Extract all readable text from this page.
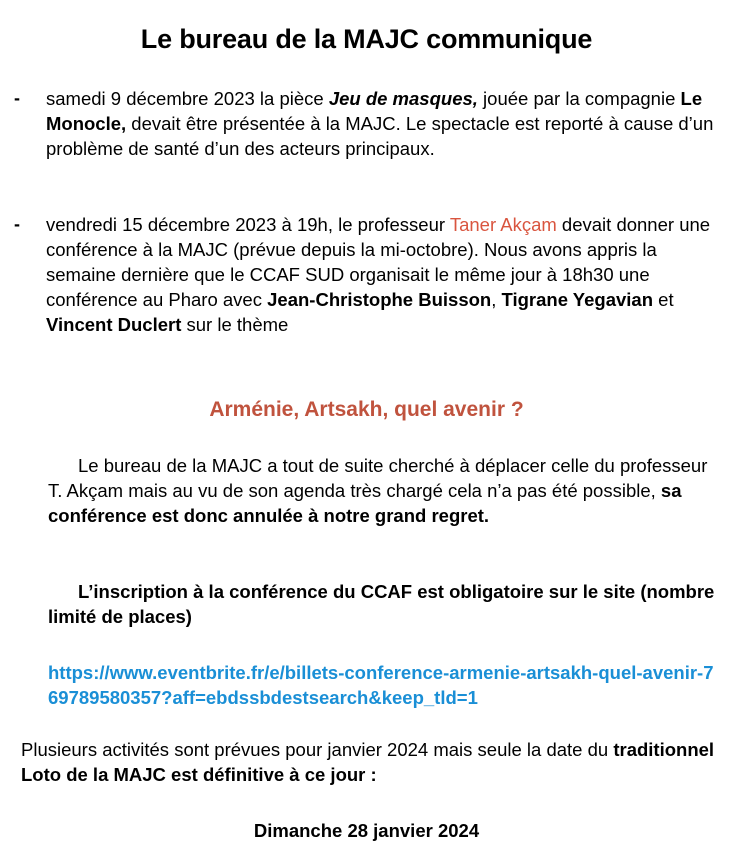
Le bureau de la MAJC communique
- samedi 9 décembre 2023 la pièce Jeu de masques, jouée par la compagnie Le Monocle, devait être présentée à la MAJC. Le spectacle est reporté à cause d’un problème de santé d’un des acteurs principaux.
- vendredi 15 décembre 2023 à 19h, le professeur Taner Akçam devait donner une conférence à la MAJC (prévue depuis la mi-octobre). Nous avons appris la semaine dernière que le CCAF SUD organisait le même jour à 18h30 une conférence au Pharo avec Jean-Christophe Buisson, Tigrane Yegavian et Vincent Duclert sur le thème
Arménie, Artsakh, quel avenir ?

Le bureau de la MAJC a tout de suite cherché à déplacer celle du professeur T. Akçam mais au vu de son agenda très chargé cela n’a pas été possible, sa conférence est donc annulée à notre grand regret.

L’inscription à la conférence du CCAF est obligatoire sur le site (nombre limité de places)

https://www.eventbrite.fr/e/billets-conference-armenie-artsakh-quel-avenir-769789580357?aff=ebdssbdestsearch&keep_tld=1

Plusieurs activités sont prévues pour janvier 2024 mais seule la date du traditionnel Loto de la MAJC est définitive à ce jour :

Dimanche 28 janvier 2024
